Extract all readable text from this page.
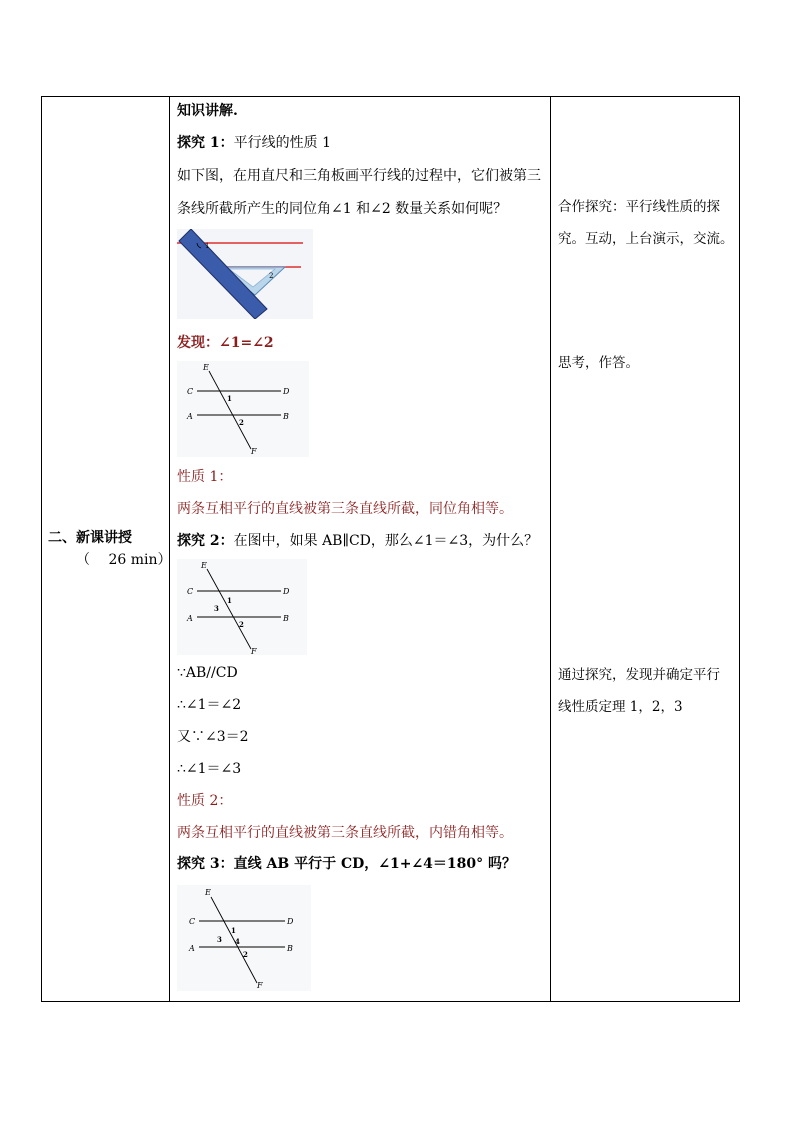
二、新课讲授
（　 26 min）

知识讲解.
探究 1：平行线的性质 1
如下图，在用直尺和三角板画平行线的过程中，它们被第三
条线所截所产生的同位角∠1 和∠2 数量关系如何呢？
1
2
发现：∠1=∠2
E
C	D
A	B
F
1
2
性质 1：
两条互相平行的直线被第三条直线所截，同位角相等。
探究 2：在图中，如果 AB∥CD，那么∠1＝∠3，为什么？
E
C	D
A	B
F
1
3
2
∵AB//CD
∴∠1＝∠2
又∵∠3＝2
∴∠1＝∠3
性质 2：
两条互相平行的直线被第三条直线所截，内错角相等。
探究 3：直线 AB 平行于 CD，∠1+∠4＝180° 吗？
E
C	D
A	B
F
1
3 4
2

合作探究：平行线性质的探
究。互动，上台演示，交流。
思考，作答。
通过探究，发现并确定平行
线性质定理 1，2，3
